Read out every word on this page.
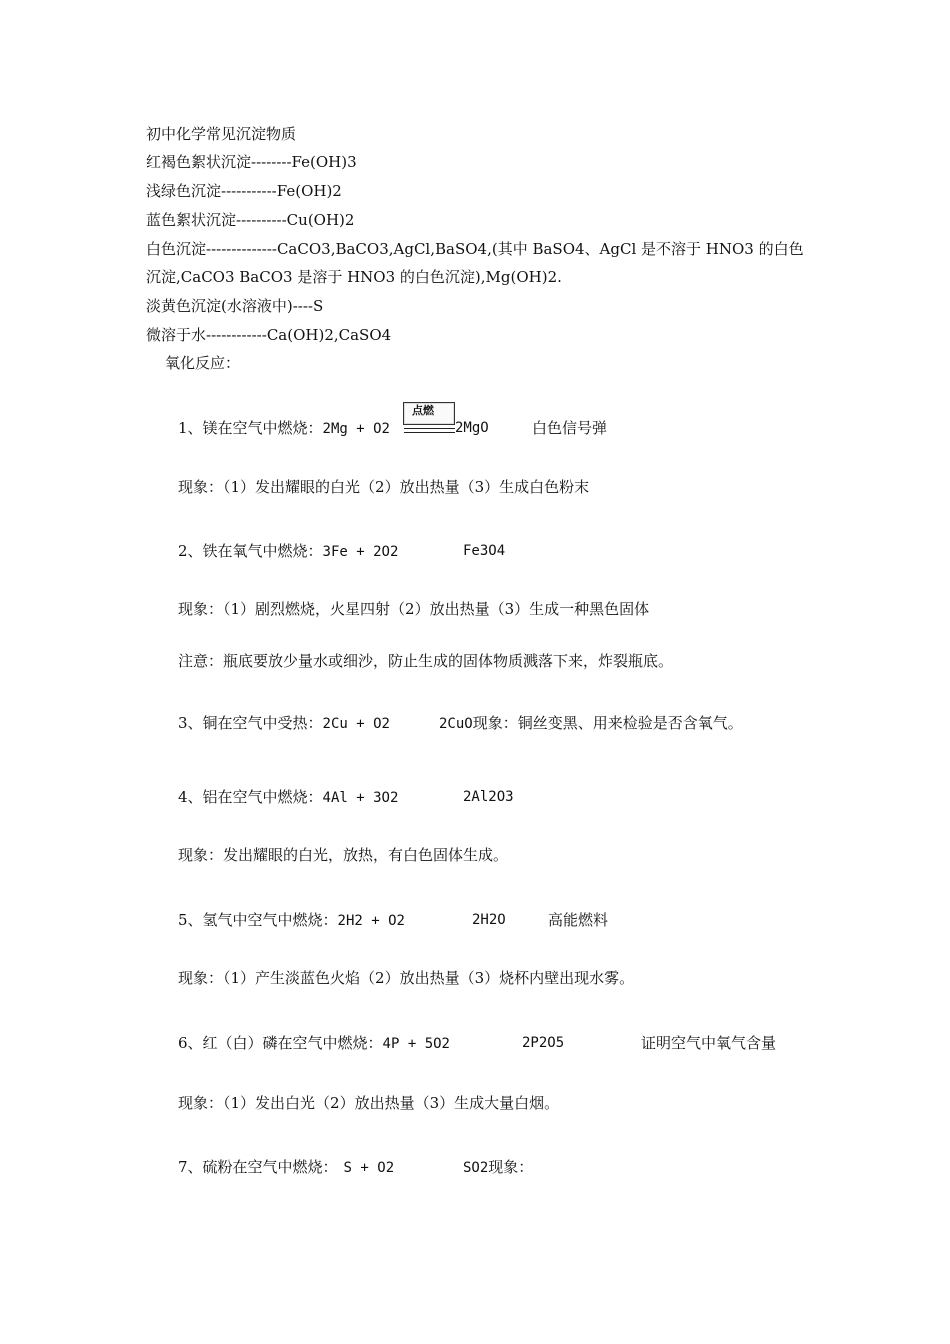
初中化学常见沉淀物质
红褐色絮状沉淀--------Fe(OH)3
浅绿色沉淀-----------Fe(OH)2
蓝色絮状沉淀----------Cu(OH)2
白色沉淀--------------CaCO3,BaCO3,AgCl,BaSO4,(其中 BaSO4、AgCl 是不溶于 HNO3 的白色
沉淀,CaCO3 BaCO3 是溶于 HNO3 的白色沉淀),Mg(OH)2.
淡黄色沉淀(水溶液中)----S
微溶于水------------Ca(OH)2,CaSO4
氧化反应：
1、镁在空气中燃烧：2Mg + O2
点燃
2MgO	白色信号弹
现象：（1）发出耀眼的白光（2）放出热量（3）生成白色粉末
2、铁在氧气中燃烧：3Fe + 2O2	Fe3O4
现象：（1）剧烈燃烧，火星四射（2）放出热量（3）生成一种黑色固体
注意：瓶底要放少量水或细沙，防止生成的固体物质溅落下来，炸裂瓶底。
3、铜在空气中受热：2Cu + O2	2CuO现象：铜丝变黑、用来检验是否含氧气。
4、铝在空气中燃烧：4Al + 3O2	2Al2O3
现象：发出耀眼的白光，放热，有白色固体生成。
5、氢气中空气中燃烧：2H2 + O2	2H2O	高能燃料
现象：（1）产生淡蓝色火焰（2）放出热量（3）烧杯内壁出现水雾。
6、红（白）磷在空气中燃烧：4P + 5O2	2P2O5	证明空气中氧气含量
现象：（1）发出白光（2）放出热量（3）生成大量白烟。
7、硫粉在空气中燃烧： S + O2	SO2现象：
